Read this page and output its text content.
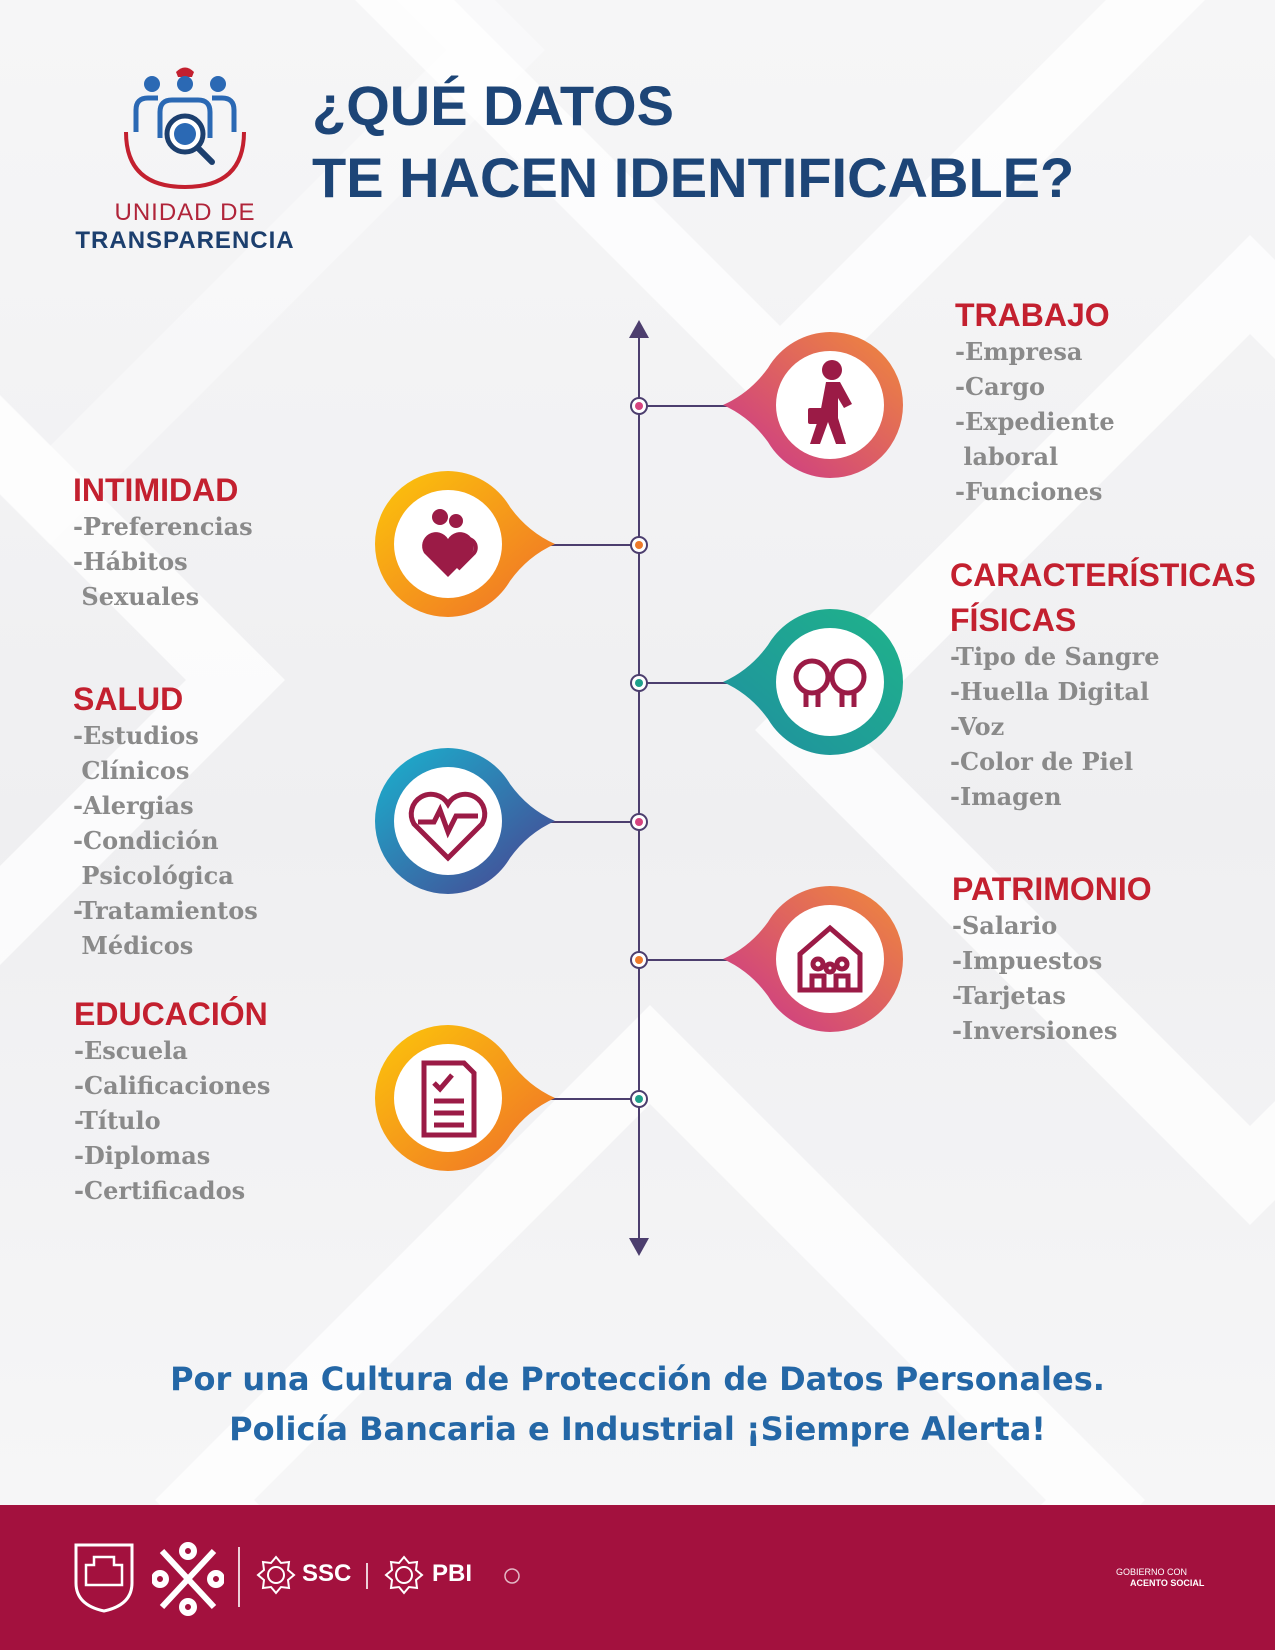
UNIDAD DE
TRANSPARENCIA
¿QUÉ DATOS
TE HACEN IDENTIFICABLE?
TRABAJO
-Empresa
-Cargo
-Expediente
laboral
-Funciones
CARACTERÍSTICAS
FÍSICAS
-Tipo de Sangre
-Huella Digital
-Voz
-Color de Piel
-Imagen
PATRIMONIO
-Salario
-Impuestos
-Tarjetas
-Inversiones
INTIMIDAD
-Preferencias
-Hábitos
Sexuales
SALUD
-Estudios
Clínicos
-Alergias
-Condición
Psicológica
-Tratamientos
Médicos
EDUCACIÓN
-Escuela
-Calificaciones
-Título
-Diplomas
-Certificados
Por una Cultura de Protección de Datos Personales.
Policía Bancaria e Industrial ¡Siempre Alerta!
SSC	PBI	GOBIERNO CON
ACENTO SOCIAL
